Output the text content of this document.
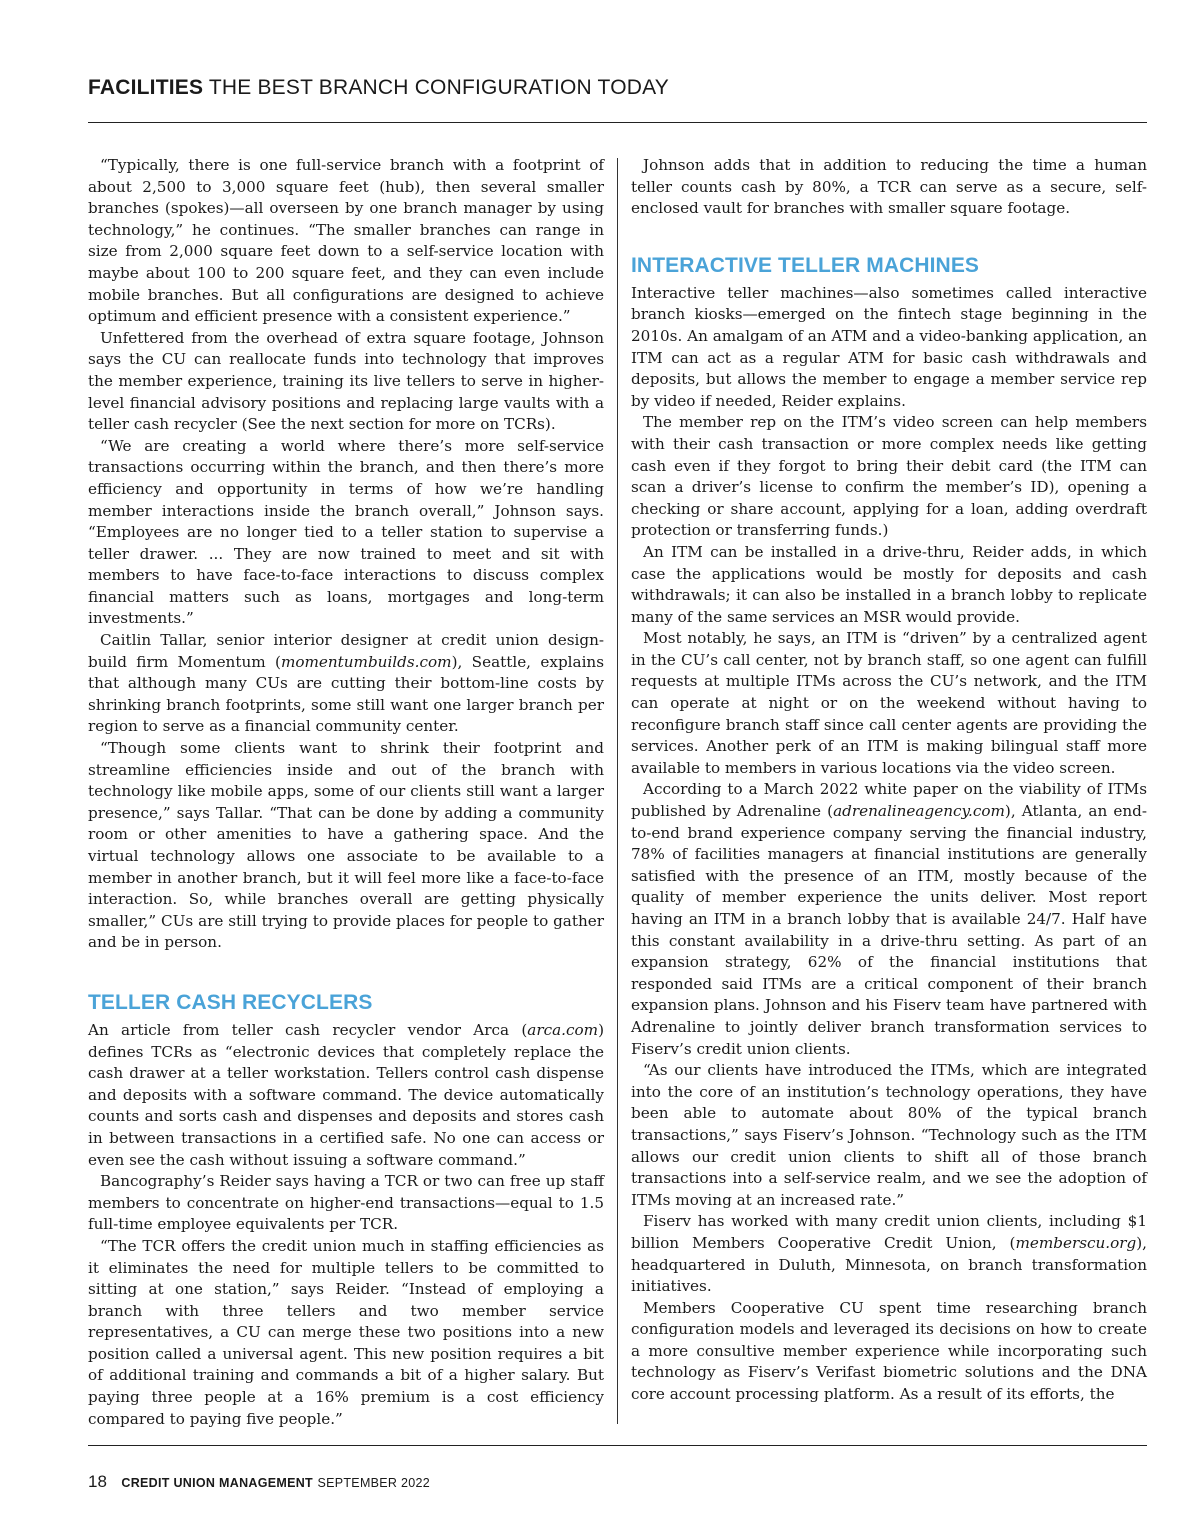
FACILITIES THE BEST BRANCH CONFIGURATION TODAY

“Typically, there is one full-service branch with a footprint of about 2,500 to 3,000 square feet (hub), then several smaller branches (spokes)—all overseen by one branch manager by using technology,” he continues. “The smaller branches can range in size from 2,000 square feet down to a self-service location with maybe about 100 to 200 square feet, and they can even include mobile branches. But all configurations are designed to achieve optimum and efficient presence with a consistent experience.”

Unfettered from the overhead of extra square footage, Johnson says the CU can reallocate funds into technology that improves the member experience, training its live tellers to serve in higher-level financial advisory positions and replacing large vaults with a teller cash recycler (See the next section for more on TCRs).

“We are creating a world where there’s more self-service transactions occurring within the branch, and then there’s more efficiency and opportunity in terms of how we’re handling member interactions inside the branch overall,” Johnson says. “Employees are no longer tied to a teller station to supervise a teller drawer. ... They are now trained to meet and sit with members to have face-to-face interactions to discuss complex financial matters such as loans, mortgages and long-term investments.”

Caitlin Tallar, senior interior designer at credit union design-build firm Momentum (momentumbuilds.com), Seattle, explains that although many CUs are cutting their bottom-line costs by shrinking branch footprints, some still want one larger branch per region to serve as a financial community center.

“Though some clients want to shrink their footprint and streamline efficiencies inside and out of the branch with technology like mobile apps, some of our clients still want a larger presence,” says Tallar. “That can be done by adding a community room or other amenities to have a gathering space. And the virtual technology allows one associate to be available to a member in another branch, but it will feel more like a face-to-face interaction. So, while branches overall are getting physically smaller,” CUs are still trying to provide places for people to gather and be in person.

TELLER CASH RECYCLERS

An article from teller cash recycler vendor Arca (arca.com) defines TCRs as “electronic devices that completely replace the cash drawer at a teller workstation. Tellers control cash dispense and deposits with a software command. The device automatically counts and sorts cash and dispenses and deposits and stores cash in between transactions in a certified safe. No one can access or even see the cash without issuing a software command.”

Bancography’s Reider says having a TCR or two can free up staff members to concentrate on higher-end transactions—equal to 1.5 full-time employee equivalents per TCR.

“The TCR offers the credit union much in staffing efficiencies as it eliminates the need for multiple tellers to be committed to sitting at one station,” says Reider. “Instead of employing a branch with three tellers and two member service representatives, a CU can merge these two positions into a new position called a universal agent. This new position requires a bit of additional training and commands a bit of a higher salary. But paying three people at a 16% premium is a cost efficiency compared to paying five people.”

Johnson adds that in addition to reducing the time a human teller counts cash by 80%, a TCR can serve as a secure, self-enclosed vault for branches with smaller square footage.

INTERACTIVE TELLER MACHINES

Interactive teller machines—also sometimes called interactive branch kiosks—emerged on the fintech stage beginning in the 2010s. An amalgam of an ATM and a video-banking application, an ITM can act as a regular ATM for basic cash withdrawals and deposits, but allows the member to engage a member service rep by video if needed, Reider explains.

The member rep on the ITM’s video screen can help members with their cash transaction or more complex needs like getting cash even if they forgot to bring their debit card (the ITM can scan a driver’s license to confirm the member’s ID), opening a checking or share account, applying for a loan, adding overdraft protection or transferring funds.)

An ITM can be installed in a drive-thru, Reider adds, in which case the applications would be mostly for deposits and cash withdrawals; it can also be installed in a branch lobby to replicate many of the same services an MSR would provide.

Most notably, he says, an ITM is “driven” by a centralized agent in the CU’s call center, not by branch staff, so one agent can fulfill requests at multiple ITMs across the CU’s network, and the ITM can operate at night or on the weekend without having to reconfigure branch staff since call center agents are providing the services. Another perk of an ITM is making bilingual staff more available to members in various locations via the video screen.

According to a March 2022 white paper on the viability of ITMs published by Adrenaline (adrenalineagency.com), Atlanta, an end-to-end brand experience company serving the financial industry, 78% of facilities managers at financial institutions are generally satisfied with the presence of an ITM, mostly because of the quality of member experience the units deliver. Most report having an ITM in a branch lobby that is available 24/7. Half have this constant availability in a drive-thru setting. As part of an expansion strategy, 62% of the financial institutions that responded said ITMs are a critical component of their branch expansion plans. Johnson and his Fiserv team have partnered with Adrenaline to jointly deliver branch transformation services to Fiserv’s credit union clients.

“As our clients have introduced the ITMs, which are integrated into the core of an institution’s technology operations, they have been able to automate about 80% of the typical branch transactions,” says Fiserv’s Johnson. “Technology such as the ITM allows our credit union clients to shift all of those branch transactions into a self-service realm, and we see the adoption of ITMs moving at an increased rate.”

Fiserv has worked with many credit union clients, including $1 billion Members Cooperative Credit Union, (memberscu.org), headquartered in Duluth, Minnesota, on branch transformation initiatives.

Members Cooperative CU spent time researching branch configuration models and leveraged its decisions on how to create a more consultive member experience while incorporating such technology as Fiserv’s Verifast biometric solutions and the DNA core account processing platform. As a result of its efforts, the

18 CREDIT UNION MANAGEMENT SEPTEMBER 2022
